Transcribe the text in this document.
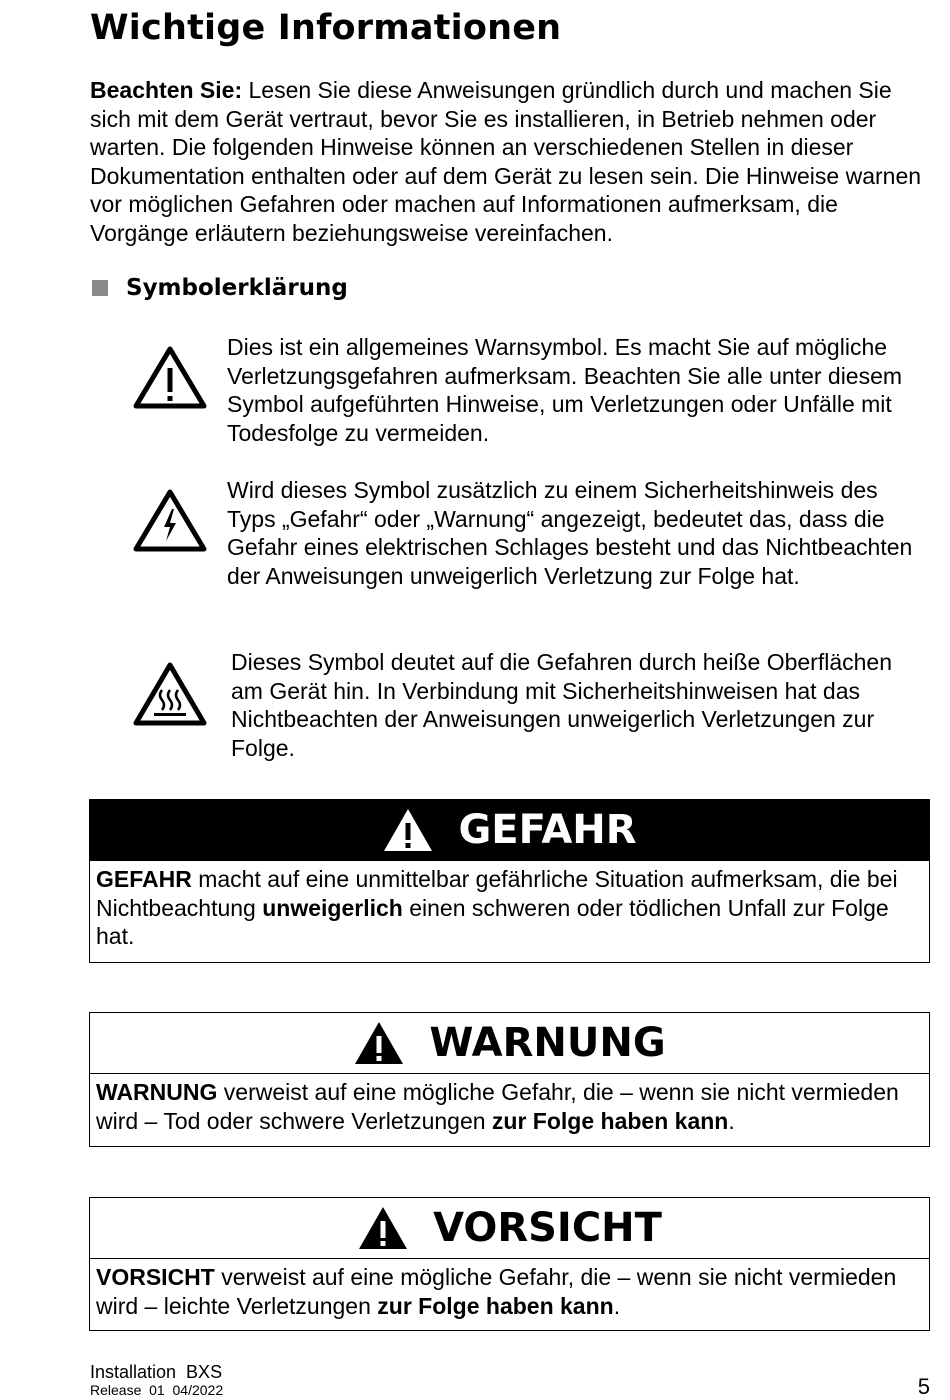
Wichtige Informationen
Beachten Sie: Lesen Sie diese Anweisungen gründlich durch und machen Sie sich mit dem Gerät vertraut, bevor Sie es installieren, in Betrieb nehmen oder warten. Die folgenden Hinweise können an verschiedenen Stellen in dieser Dokumentation enthalten oder auf dem Gerät zu lesen sein. Die Hinweise warnen vor möglichen Gefahren oder machen auf Informationen aufmerksam, die Vorgänge erläutern beziehungsweise vereinfachen.
Symbolerklärung
Dies ist ein allgemeines Warnsymbol. Es macht Sie auf mögliche Verletzungsgefahren aufmerksam. Beachten Sie alle unter diesem Symbol aufgeführten Hinweise, um Verletzungen oder Unfälle mit Todesfolge zu vermeiden.
Wird dieses Symbol zusätzlich zu einem Sicherheitshinweis des Typs „Gefahr“ oder „Warnung“ angezeigt, bedeutet das, dass die Gefahr eines elektrischen Schlages besteht und das Nichtbeachten der Anweisungen unweigerlich Verletzung zur Folge hat.
Dieses Symbol deutet auf die Gefahren durch heiße Oberflächen am Gerät hin. In Verbindung mit Sicherheitshinweisen hat das Nichtbeachten der Anweisungen unweigerlich Verletzungen zur Folge.
GEFAHR
GEFAHR macht auf eine unmittelbar gefährliche Situation aufmerksam, die bei Nichtbeachtung unweigerlich einen schweren oder tödlichen Unfall zur Folge hat.
WARNUNG
WARNUNG verweist auf eine mögliche Gefahr, die – wenn sie nicht vermieden wird – Tod oder schwere Verletzungen zur Folge haben kann.
VORSICHT
VORSICHT verweist auf eine mögliche Gefahr, die – wenn sie nicht vermieden wird – leichte Verletzungen zur Folge haben kann.
Installation  BXS
Release  01  04/2022	5
